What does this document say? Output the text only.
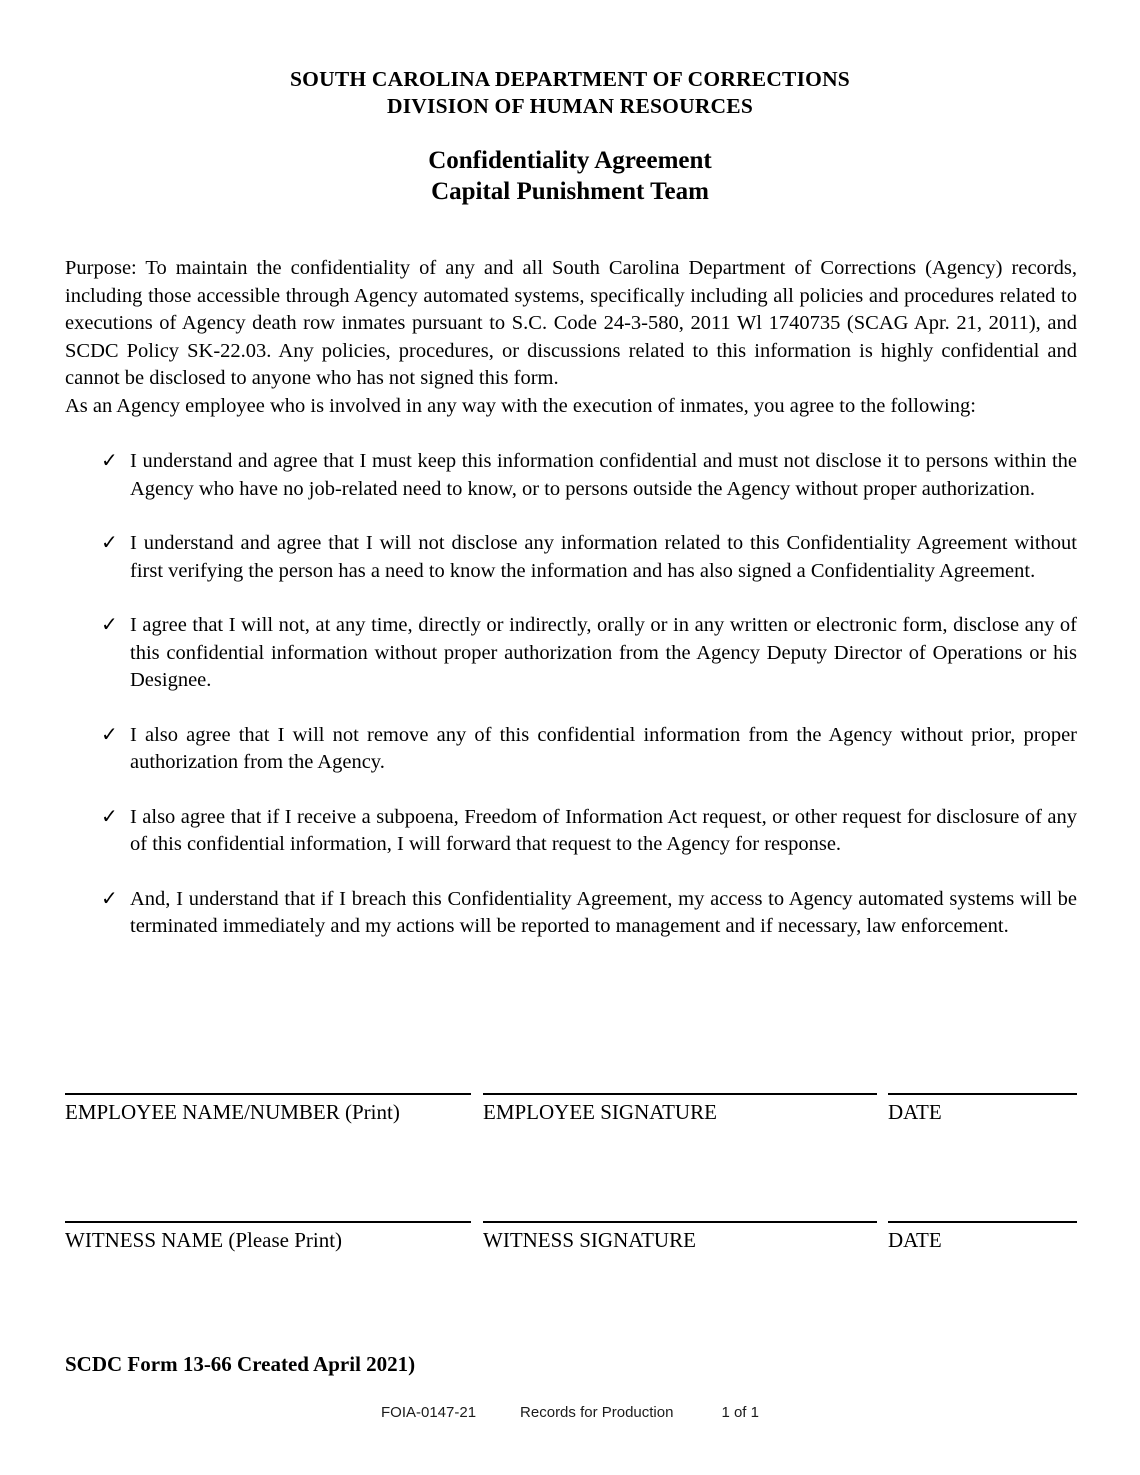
SOUTH CAROLINA DEPARTMENT OF CORRECTIONS
DIVISION OF HUMAN RESOURCES
Confidentiality Agreement
Capital Punishment Team

Purpose: To maintain the confidentiality of any and all South Carolina Department of Corrections (Agency) records, including those accessible through Agency automated systems, specifically including all policies and procedures related to executions of Agency death row inmates pursuant to S.C. Code 24-3-580, 2011 Wl 1740735 (SCAG Apr. 21, 2011), and SCDC Policy SK-22.03. Any policies, procedures, or discussions related to this information is highly confidential and cannot be disclosed to anyone who has not signed this form.

As an Agency employee who is involved in any way with the execution of inmates, you agree to the following:

✓ I understand and agree that I must keep this information confidential and must not disclose it to persons within the Agency who have no job-related need to know, or to persons outside the Agency without proper authorization.
✓ I understand and agree that I will not disclose any information related to this Confidentiality Agreement without first verifying the person has a need to know the information and has also signed a Confidentiality Agreement.
✓ I agree that I will not, at any time, directly or indirectly, orally or in any written or electronic form, disclose any of this confidential information without proper authorization from the Agency Deputy Director of Operations or his Designee.
✓ I also agree that I will not remove any of this confidential information from the Agency without prior, proper authorization from the Agency.
✓ I also agree that if I receive a subpoena, Freedom of Information Act request, or other request for disclosure of any of this confidential information, I will forward that request to the Agency for response.
✓ And, I understand that if I breach this Confidentiality Agreement, my access to Agency automated systems will be terminated immediately and my actions will be reported to management and if necessary, law enforcement.
EMPLOYEE NAME/NUMBER (Print)	EMPLOYEE SIGNATURE	DATE
WITNESS NAME (Please Print)	WITNESS SIGNATURE	DATE
SCDC Form 13-66 Created April 2021)
FOIA-0147-21	Records for Production	1 of 1
